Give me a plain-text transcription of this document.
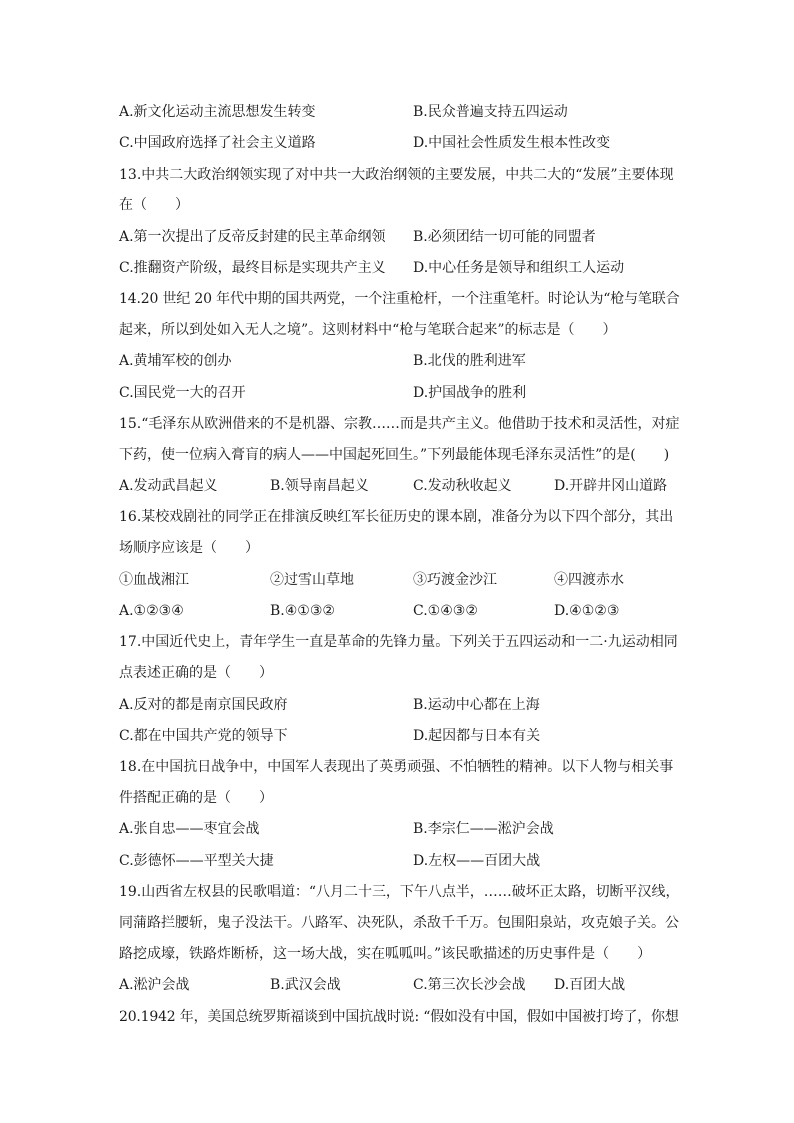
A.新文化运动主流思想发生转变	B.民众普遍支持五四运动
C.中国政府选择了社会主义道路	D.中国社会性质发生根本性改变
13.中共二大政治纲领实现了对中共一大政治纲领的主要发展，中共二大的“发展”主要体现
在（　　）
A.第一次提出了反帝反封建的民主革命纲领 B.必须团结一切可能的同盟者
C.推翻资产阶级，最终目标是实现共产主义 D.中心任务是领导和组织工人运动
14.20 世纪 20 年代中期的国共两党，一个注重枪杆，一个注重笔杆。时论认为“枪与笔联合
起来，所以到处如入无人之境”。这则材料中“枪与笔联合起来”的标志是（　　）
A.黄埔军校的创办	B.北伐的胜利进军
C.国民党一大的召开	D.护国战争的胜利
15.“毛泽东从欧洲借来的不是机器、宗教……而是共产主义。他借助于技术和灵活性，对症
下药，使一位病入膏肓的病人——中国起死回生。”下列最能体现毛泽东灵活性”的是(　　)
A.发动武昌起义	B.领导南昌起义	C.发动秋收起义	D.开辟井冈山道路
16.某校戏剧社的同学正在排演反映红军长征历史的课本剧，准备分为以下四个部分，其出
场顺序应该是（　　）
①血战湘江	②过雪山草地	③巧渡金沙江	④四渡赤水
A.①②③④	B.④①③②	C.①④③②	D.④①②③
17.中国近代史上，青年学生一直是革命的先锋力量。下列关于五四运动和一二·九运动相同
点表述正确的是（　　）
A.反对的都是南京国民政府	B.运动中心都在上海
C.都在中国共产党的领导下	D.起因都与日本有关
18.在中国抗日战争中，中国军人表现出了英勇顽强、不怕牺牲的精神。以下人物与相关事
件搭配正确的是（　　）
A.张自忠——枣宜会战	B.李宗仁——淞沪会战
C.彭德怀——平型关大捷	D.左权——百团大战
19.山西省左权县的民歌唱道：“八月二十三，下午八点半，……破坏正太路，切断平汉线，
同蒲路拦腰斩，鬼子没法干。八路军、决死队，杀敌千千万。包围阳泉站，攻克娘子关。公
路挖成壕，铁路炸断桥，这一场大战，实在呱呱叫。”该民歌描述的历史事件是（　　）
A.淞沪会战	B.武汉会战	C.第三次长沙会战 D.百团大战
20.1942 年，美国总统罗斯福谈到中国抗战时说: “假如没有中国，假如中国被打垮了，你想
